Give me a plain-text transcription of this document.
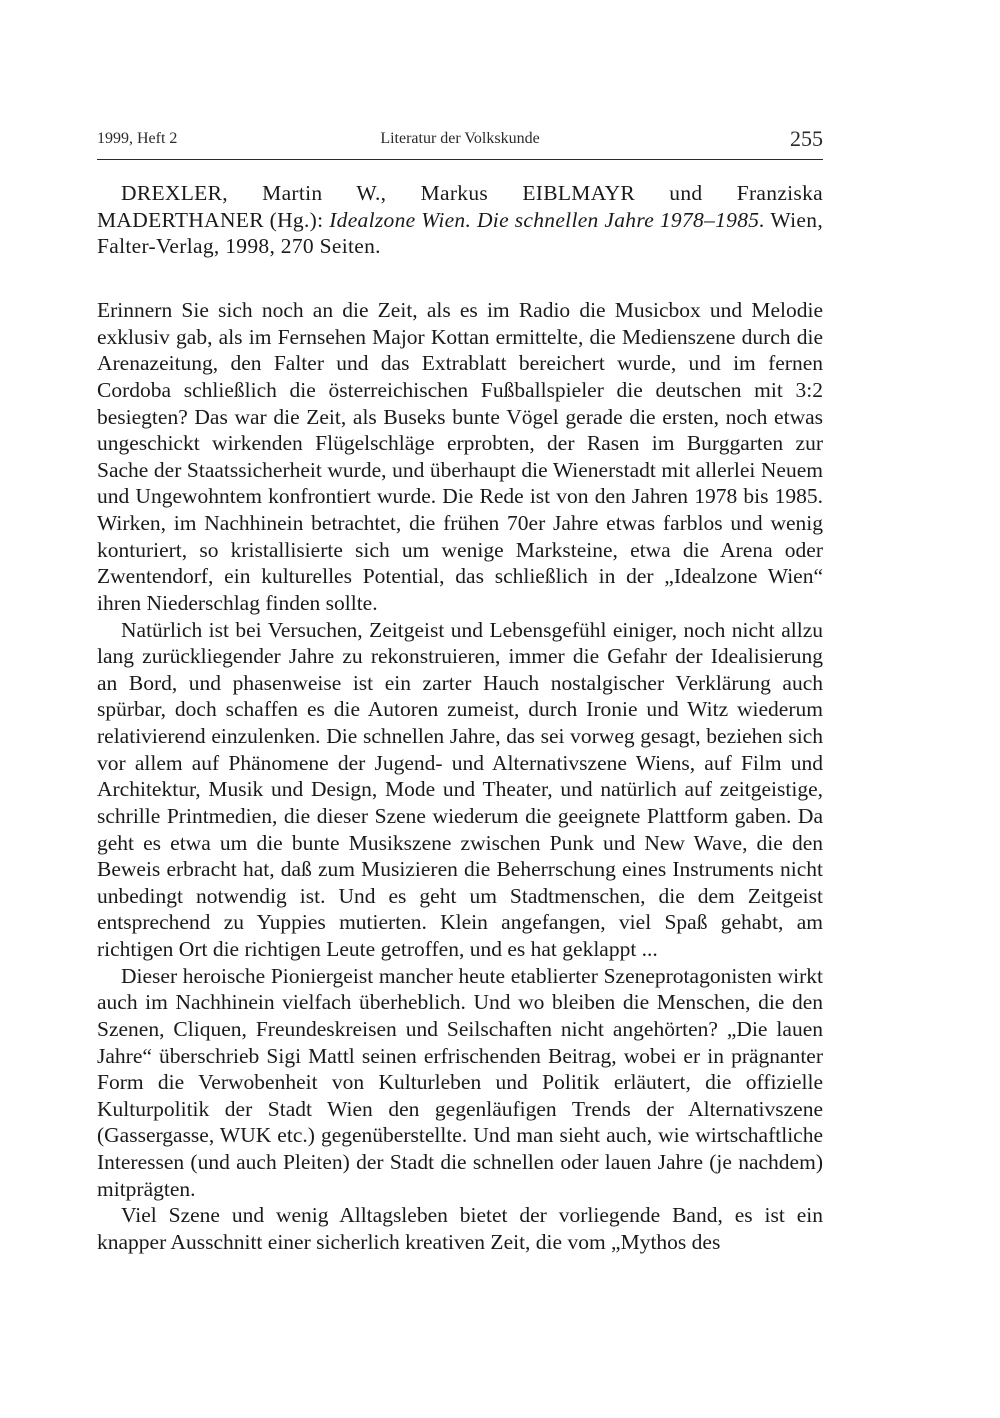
1999, Heft 2	Literatur der Volkskunde	255
DREXLER, Martin W., Markus EIBLMAYR und Franziska MADERTHANER (Hg.): Idealzone Wien. Die schnellen Jahre 1978–1985. Wien, Falter-Verlag, 1998, 270 Seiten.

Erinnern Sie sich noch an die Zeit, als es im Radio die Musicbox und Melodie exklusiv gab, als im Fernsehen Major Kottan ermittelte, die Medienszene durch die Arenazeitung, den Falter und das Extrablatt bereichert wurde, und im fernen Cordoba schließlich die österreichischen Fußballspieler die deutschen mit 3:2 besiegten? Das war die Zeit, als Buseks bunte Vögel gerade die ersten, noch etwas ungeschickt wirkenden Flügelschläge erprobten, der Rasen im Burggarten zur Sache der Staatssicherheit wurde, und überhaupt die Wienerstadt mit allerlei Neuem und Ungewohntem konfrontiert wurde. Die Rede ist von den Jahren 1978 bis 1985. Wirken, im Nachhinein betrachtet, die frühen 70er Jahre etwas farblos und wenig konturiert, so kristallisierte sich um wenige Marksteine, etwa die Arena oder Zwentendorf, ein kulturelles Potential, das schließlich in der „Idealzone Wien“ ihren Niederschlag finden sollte.

Natürlich ist bei Versuchen, Zeitgeist und Lebensgefühl einiger, noch nicht allzu lang zurückliegender Jahre zu rekonstruieren, immer die Gefahr der Idealisierung an Bord, und phasenweise ist ein zarter Hauch nostalgischer Verklärung auch spürbar, doch schaffen es die Autoren zumeist, durch Ironie und Witz wiederum relativierend einzulenken. Die schnellen Jahre, das sei vorweg gesagt, beziehen sich vor allem auf Phänomene der Jugend- und Alternativszene Wiens, auf Film und Architektur, Musik und Design, Mode und Theater, und natürlich auf zeitgeistige, schrille Printmedien, die dieser Szene wiederum die geeignete Plattform gaben. Da geht es etwa um die bunte Musikszene zwischen Punk und New Wave, die den Beweis erbracht hat, daß zum Musizieren die Beherrschung eines Instruments nicht unbedingt notwendig ist. Und es geht um Stadtmenschen, die dem Zeitgeist entsprechend zu Yuppies mutierten. Klein angefangen, viel Spaß gehabt, am richtigen Ort die richtigen Leute getroffen, und es hat geklappt ...

Dieser heroische Pioniergeist mancher heute etablierter Szeneprotagonisten wirkt auch im Nachhinein vielfach überheblich. Und wo bleiben die Menschen, die den Szenen, Cliquen, Freundeskreisen und Seilschaften nicht angehörten? „Die lauen Jahre“ überschrieb Sigi Mattl seinen erfrischenden Beitrag, wobei er in prägnanter Form die Verwobenheit von Kulturleben und Politik erläutert, die offizielle Kulturpolitik der Stadt Wien den gegenläufigen Trends der Alternativszene (Gassergasse, WUK etc.) gegenüberstellte. Und man sieht auch, wie wirtschaftliche Interessen (und auch Pleiten) der Stadt die schnellen oder lauen Jahre (je nachdem) mitprägten.

Viel Szene und wenig Alltagsleben bietet der vorliegende Band, es ist ein knapper Ausschnitt einer sicherlich kreativen Zeit, die vom „Mythos des
